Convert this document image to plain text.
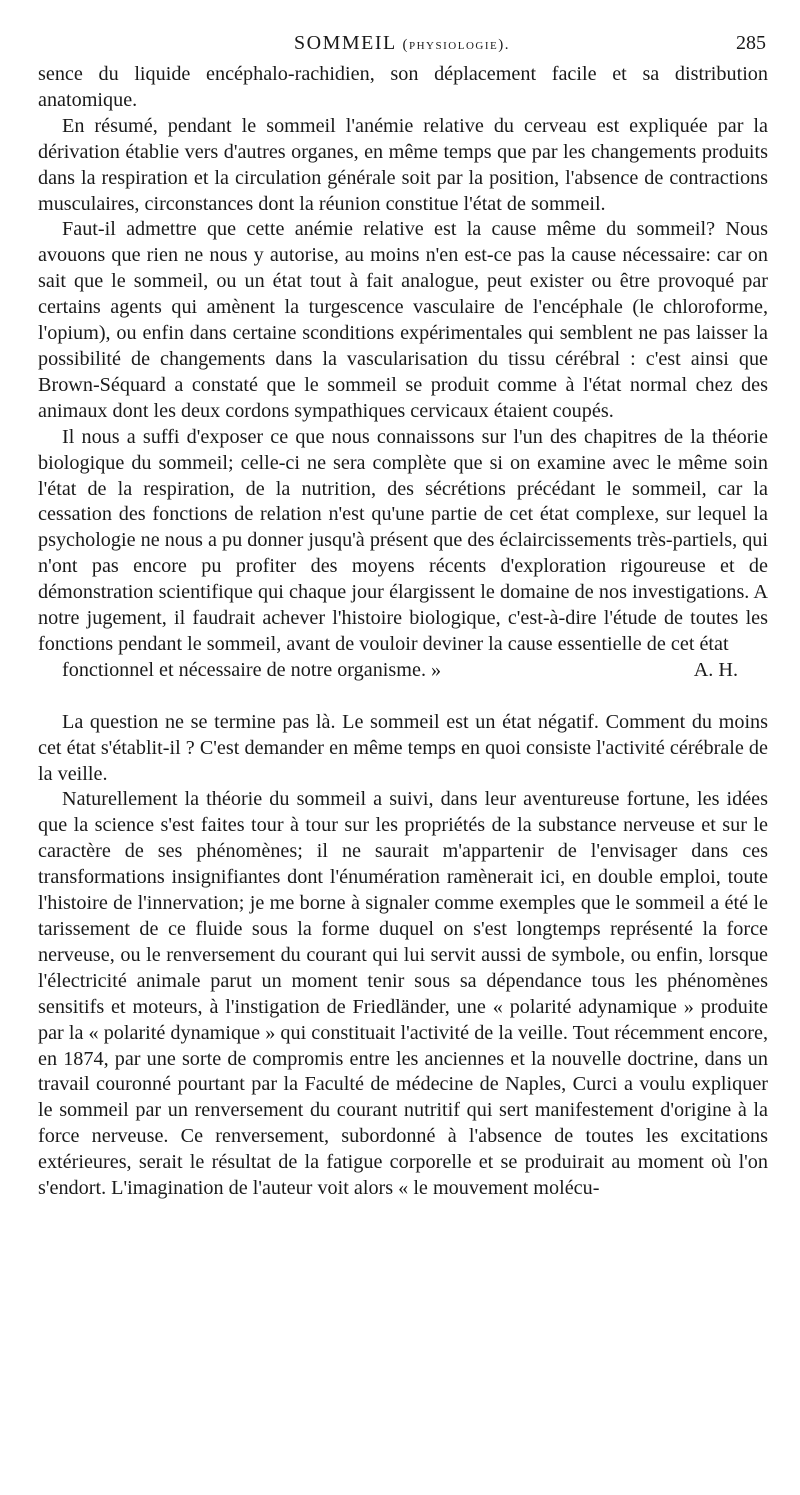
SOMMEIL (physiologie).	285

sence du liquide encéphalo-rachidien, son déplacement facile et sa distribution anatomique.

En résumé, pendant le sommeil l'anémie relative du cerveau est expliquée par la dérivation établie vers d'autres organes, en même temps que par les changements produits dans la respiration et la circulation générale soit par la position, l'absence de contractions musculaires, circonstances dont la réunion constitue l'état de sommeil.

Faut-il admettre que cette anémie relative est la cause même du sommeil? Nous avouons que rien ne nous y autorise, au moins n'en est-ce pas la cause nécessaire: car on sait que le sommeil, ou un état tout à fait analogue, peut exister ou être provoqué par certains agents qui amènent la turgescence vasculaire de l'encéphale (le chloroforme, l'opium), ou enfin dans certaine sconditions expérimentales qui semblent ne pas laisser la possibilité de changements dans la vascularisation du tissu cérébral : c'est ainsi que Brown-Séquard a constaté que le sommeil se produit comme à l'état normal chez des animaux dont les deux cordons sympathiques cervicaux étaient coupés.

Il nous a suffi d'exposer ce que nous connaissons sur l'un des chapitres de la théorie biologique du sommeil; celle-ci ne sera complète que si on examine avec le même soin l'état de la respiration, de la nutrition, des sécrétions précédant le sommeil, car la cessation des fonctions de relation n'est qu'une partie de cet état complexe, sur lequel la psychologie ne nous a pu donner jusqu'à présent que des éclaircissements très-partiels, qui n'ont pas encore pu profiter des moyens récents d'exploration rigoureuse et de démonstration scientifique qui chaque jour élargissent le domaine de nos investigations. A notre jugement, il faudrait achever l'histoire biologique, c'est-à-dire l'étude de toutes les fonctions pendant le sommeil, avant de vouloir deviner la cause essentielle de cet état
fonctionnel et nécessaire de notre organisme. »	A. H.

La question ne se termine pas là. Le sommeil est un état négatif. Comment du moins cet état s'établit-il ? C'est demander en même temps en quoi consiste l'activité cérébrale de la veille.

Naturellement la théorie du sommeil a suivi, dans leur aventureuse fortune, les idées que la science s'est faites tour à tour sur les propriétés de la substance nerveuse et sur le caractère de ses phénomènes; il ne saurait m'appartenir de l'envisager dans ces transformations insignifiantes dont l'énumération ramènerait ici, en double emploi, toute l'histoire de l'innervation; je me borne à signaler comme exemples que le sommeil a été le tarissement de ce fluide sous la forme duquel on s'est longtemps représenté la force nerveuse, ou le renversement du courant qui lui servit aussi de symbole, ou enfin, lorsque l'électricité animale parut un moment tenir sous sa dépendance tous les phénomènes sensitifs et moteurs, à l'instigation de Friedländer, une « polarité adynamique » produite par la « polarité dynamique » qui constituait l'activité de la veille. Tout récemment encore, en 1874, par une sorte de compromis entre les anciennes et la nouvelle doctrine, dans un travail couronné pourtant par la Faculté de médecine de Naples, Curci a voulu expliquer le sommeil par un renversement du courant nutritif qui sert manifestement d'origine à la force nerveuse. Ce renversement, subordonné à l'absence de toutes les excitations extérieures, serait le résultat de la fatigue corporelle et se produirait au moment où l'on s'endort. L'imagination de l'auteur voit alors « le mouvement molécu-
